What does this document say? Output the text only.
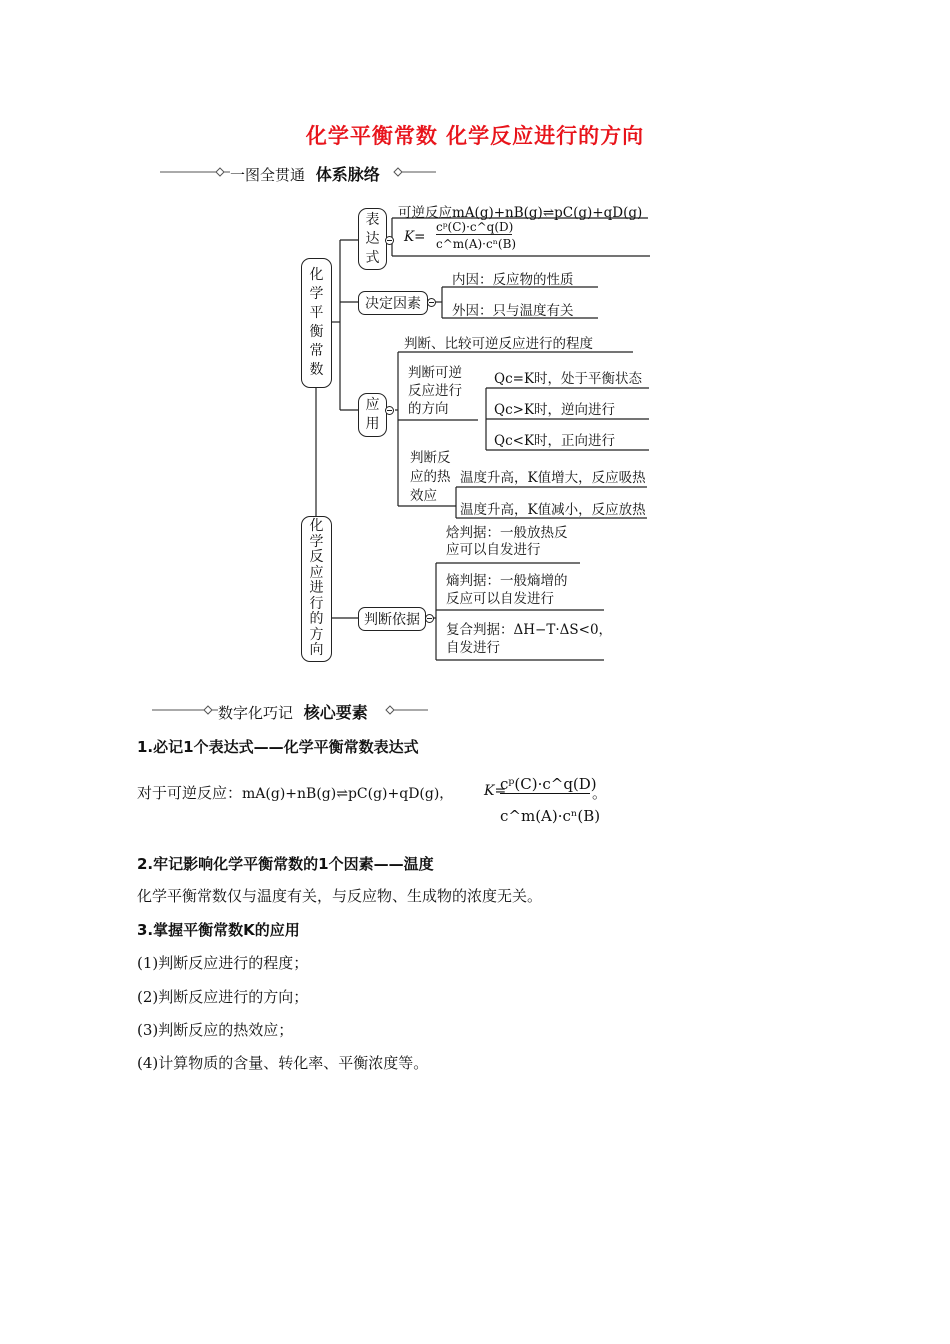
化学平衡常数 化学反应进行的方向
一图全贯通 体系脉络
化
学
平
衡
常
数
化
学
反
应
进
行
的
方
向
表
达
式
决定因素
应
用
判断依据
可逆反应mA(g)+nB(g)⇌pC(g)+qD(g)
K=
cᵖ(C)·c^q(D)
c^m(A)·cⁿ(B)
内因：反应物的性质
外因：只与温度有关
判断、比较可逆反应进行的程度
判断可逆
反应进行
的方向
Qc=K时，处于平衡状态
Qc>K时，逆向进行
Qc<K时，正向进行
判断反
应的热
效应
温度升高，K值增大，反应吸热
温度升高，K值减小，反应放热
焓判据：一般放热反
应可以自发进行
熵判据：一般熵增的
反应可以自发进行
复合判据：ΔH−T·ΔS<0，
自发进行
数字化巧记 核心要素
1.必记1个表达式——化学平衡常数表达式
对于可逆反应：mA(g)+nB(g)⇌pC(g)+qD(g)， K=
cᵖ(C)·c^q(D)
c^m(A)·cⁿ(B)
。
2.牢记影响化学平衡常数的1个因素——温度
化学平衡常数仅与温度有关，与反应物、生成物的浓度无关。
3.掌握平衡常数K的应用
(1)判断反应进行的程度；
(2)判断反应进行的方向；
(3)判断反应的热效应；
(4)计算物质的含量、转化率、平衡浓度等。
